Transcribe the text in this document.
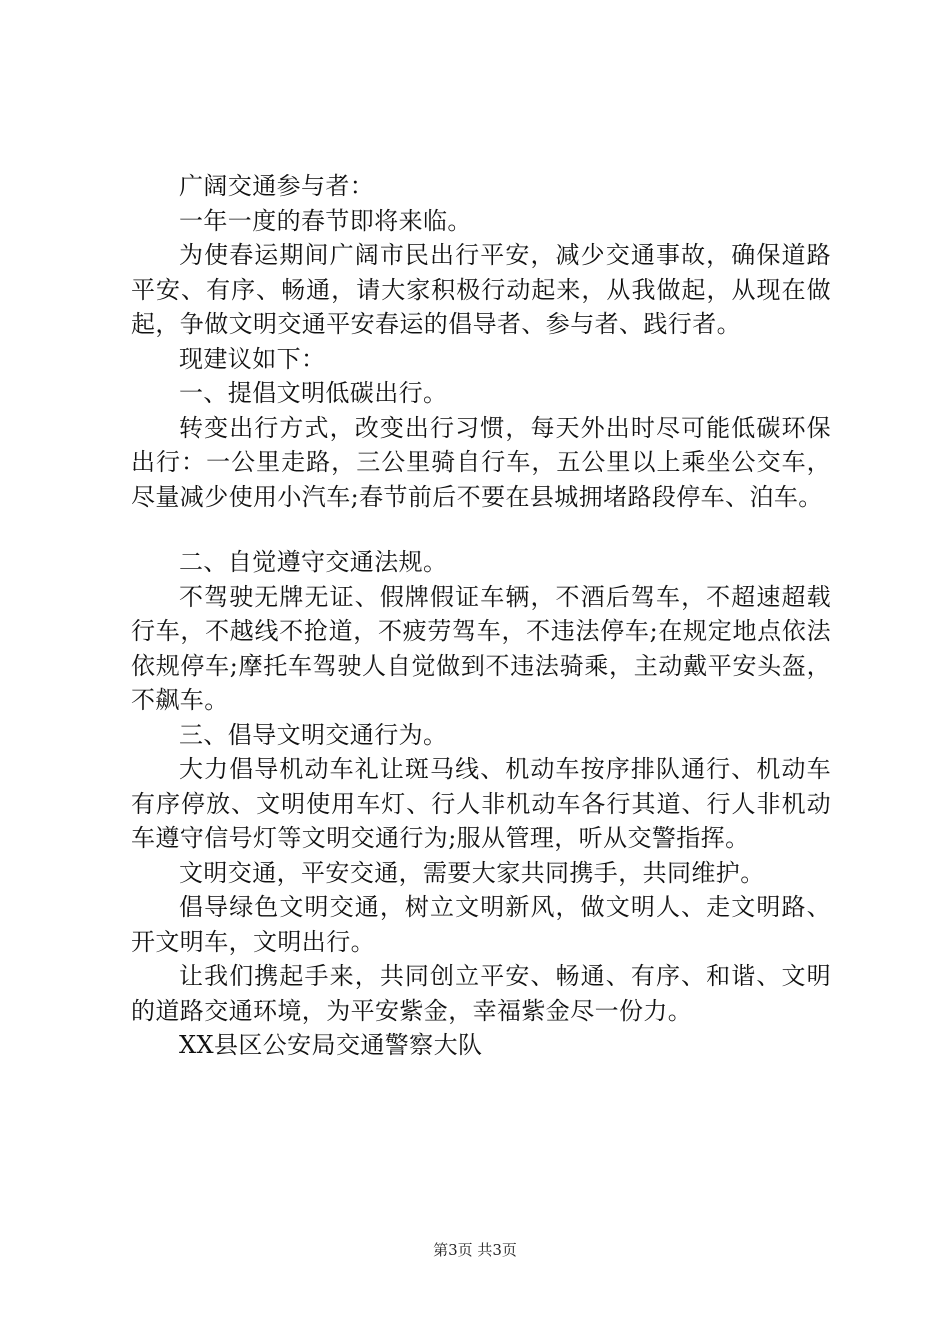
广阔交通参与者：

一年一度的春节即将来临。

为使春运期间广阔市民出行平安，减少交通事故，确保道路平安、有序、畅通，请大家积极行动起来，从我做起，从现在做起，争做文明交通平安春运的倡导者、参与者、践行者。

现建议如下：

一、提倡文明低碳出行。

转变出行方式，改变出行习惯，每天外出时尽可能低碳环保出行：一公里走路，三公里骑自行车，五公里以上乘坐公交车，尽量减少使用小汽车;春节前后不要在县城拥堵路段停车、泊车。

二、自觉遵守交通法规。

不驾驶无牌无证、假牌假证车辆，不酒后驾车，不超速超载行车，不越线不抢道，不疲劳驾车，不违法停车;在规定地点依法依规停车;摩托车驾驶人自觉做到不违法骑乘，主动戴平安头盔，不飙车。

三、倡导文明交通行为。

大力倡导机动车礼让斑马线、机动车按序排队通行、机动车有序停放、文明使用车灯、行人非机动车各行其道、行人非机动车遵守信号灯等文明交通行为;服从管理，听从交警指挥。

文明交通，平安交通，需要大家共同携手，共同维护。

倡导绿色文明交通，树立文明新风，做文明人、走文明路、开文明车，文明出行。

让我们携起手来，共同创立平安、畅通、有序、和谐、文明的道路交通环境，为平安紫金，幸福紫金尽一份力。

XX县区公安局交通警察大队

第3页 共3页
